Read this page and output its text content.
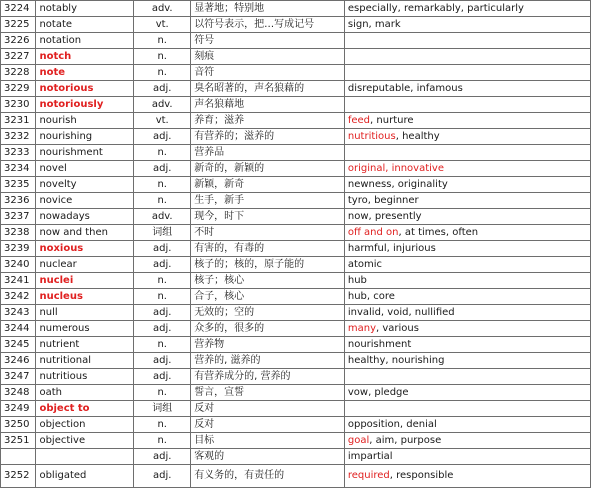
3224	notably	adv.	显著地；特别地	especially, remarkably, particularly
3225	notate	vt.	以符号表示，把…写成记号	sign, mark
3226	notation	n.	符号	
3227	notch	n.	刻痕	
3228	note	n.	音符	
3229	notorious	adj.	臭名昭著的，声名狼藉的	disreputable, infamous
3230	notoriously	adv.	声名狼藉地	
3231	nourish	vt.	养育；滋养	feed, nurture
3232	nourishing	adj.	有营养的；滋养的	nutritious, healthy
3233	nourishment	n.	营养品	
3234	novel	adj.	新奇的，新颖的	original, innovative
3235	novelty	n.	新颖，新奇	newness, originality
3236	novice	n.	生手，新手	tyro, beginner
3237	nowadays	adv.	现今，时下	now, presently
3238	now and then	词组	不时	off and on, at times, often
3239	noxious	adj.	有害的，有毒的	harmful, injurious
3240	nuclear	adj.	核子的；核的，原子能的	atomic
3241	nuclei	n.	核子；核心	hub
3242	nucleus	n.	合子，核心	hub, core
3243	null	adj.	无效的；空的	invalid, void, nullified
3244	numerous	adj.	众多的，很多的	many, various
3245	nutrient	n.	营养物	nourishment
3246	nutritional	adj.	营养的, 滋养的	healthy, nourishing
3247	nutritious	adj.	有营养成分的, 营养的	
3248	oath	n.	誓言，宣誓	vow, pledge
3249	object to	词组	反对	
3250	objection	n.	反对	opposition, denial
3251	objective	n.	目标	goal, aim, purpose
		adj.	客观的	impartial
3252	obligated	adj.	有义务的，有责任的	required, responsible
